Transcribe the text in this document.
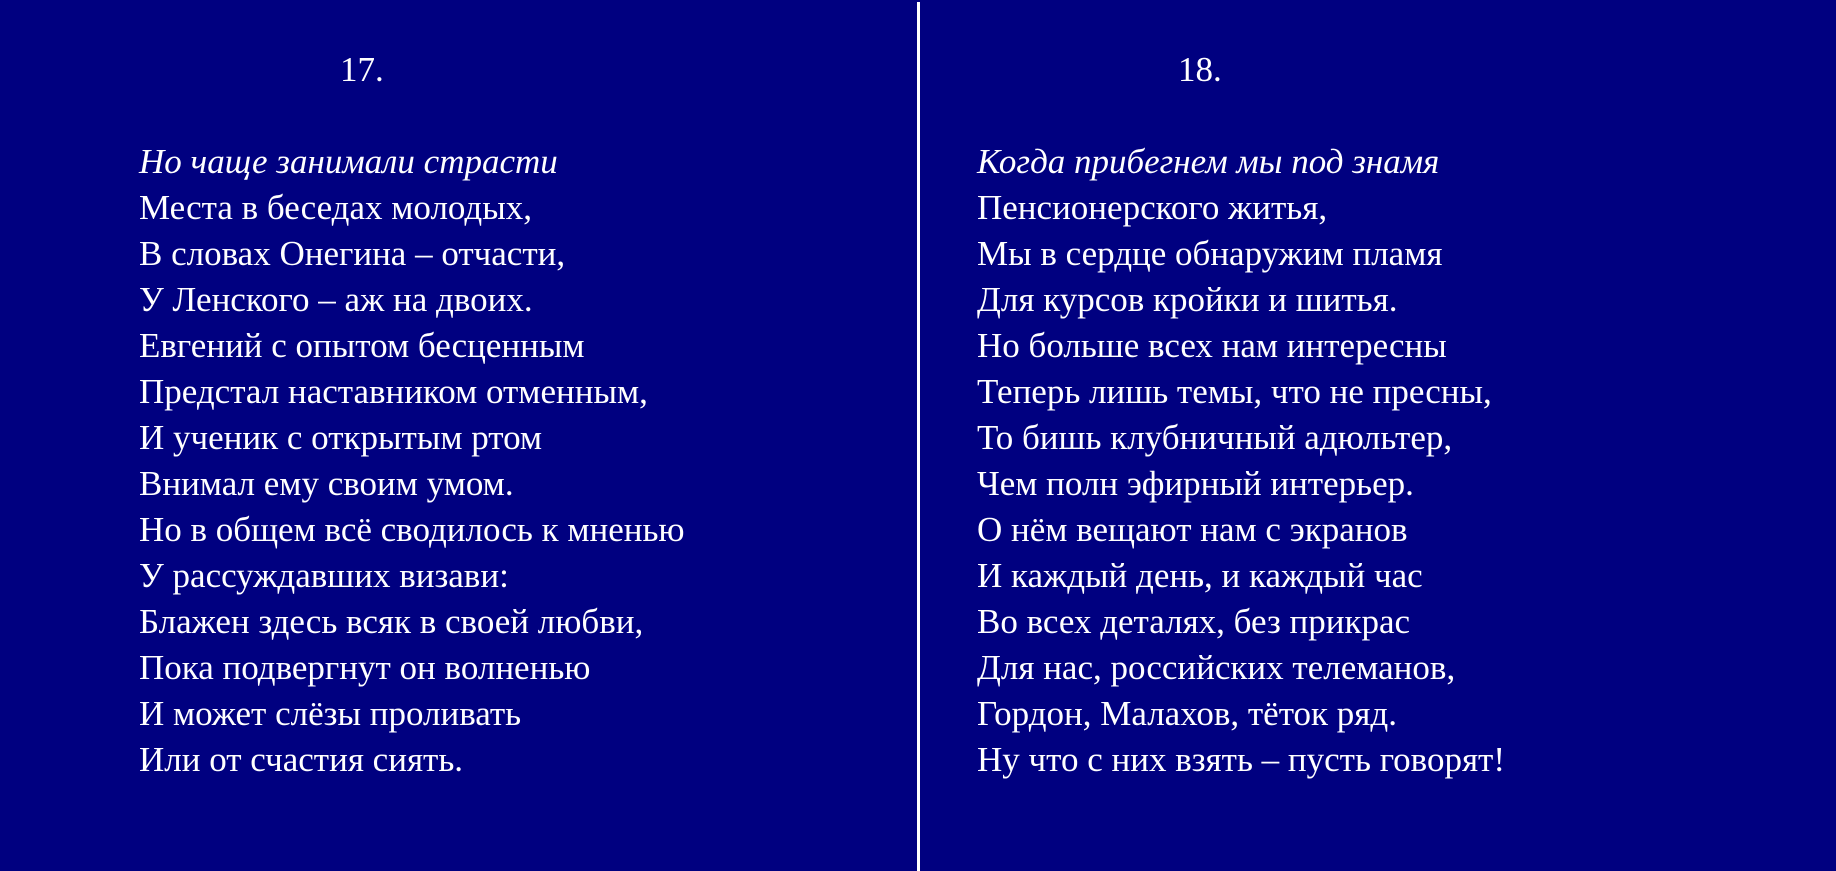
17.
Но чаще занимали страсти
Места в беседах молодых,
В словах Онегина – отчасти,
У Ленского – аж на двоих.
Евгений с опытом бесценным
Предстал наставником отменным,
И ученик с открытым ртом
Внимал ему своим умом.
Но в общем всё сводилось к мненью
У рассуждавших визави:
Блажен здесь всяк в своей любви,
Пока подвергнут он волненью
И может слёзы проливать
Или от счастия сиять.
18.
Когда прибегнем мы под знамя
Пенсионерского житья,
Мы в сердце обнаружим пламя
Для курсов кройки и шитья.
Но больше всех нам интересны
Теперь лишь темы, что не пресны,
То бишь клубничный адюльтер,
Чем полн эфирный интерьер.
О нём вещают нам с экранов
И каждый день, и каждый час
Во всех деталях, без прикрас
Для нас, российских телеманов,
Гордон, Малахов, тёток ряд.
Ну что с них взять – пусть говорят!
